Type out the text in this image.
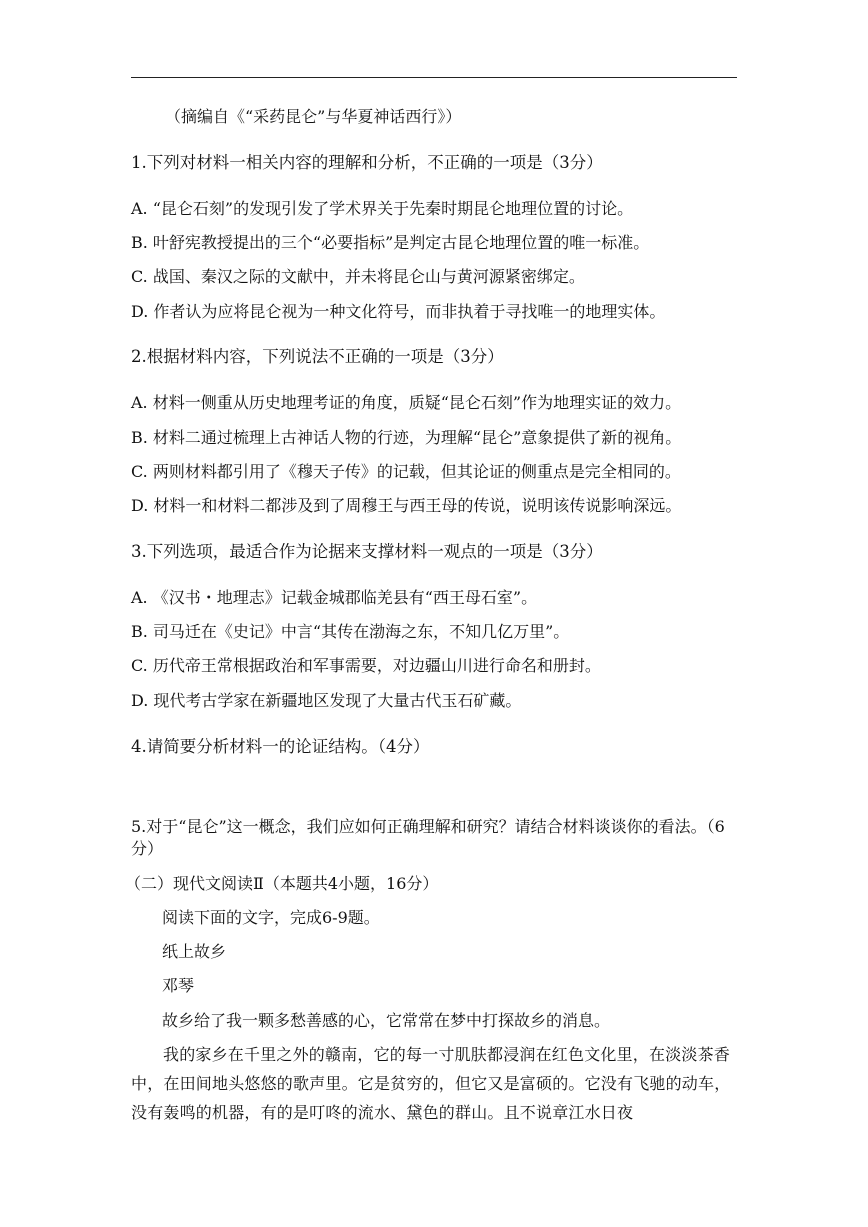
（摘编自《“采药昆仑”与华夏神话西行》）
1.下列对材料一相关内容的理解和分析，不正确的一项是（3分）
A. “昆仑石刻”的发现引发了学术界关于先秦时期昆仑地理位置的讨论。
B. 叶舒宪教授提出的三个“必要指标”是判定古昆仑地理位置的唯一标准。
C. 战国、秦汉之际的文献中，并未将昆仑山与黄河源紧密绑定。
D. 作者认为应将昆仑视为一种文化符号，而非执着于寻找唯一的地理实体。
2.根据材料内容，下列说法不正确的一项是（3分）
A. 材料一侧重从历史地理考证的角度，质疑“昆仑石刻”作为地理实证的效力。
B. 材料二通过梳理上古神话人物的行迹，为理解“昆仑”意象提供了新的视角。
C. 两则材料都引用了《穆天子传》的记载，但其论证的侧重点是完全相同的。
D. 材料一和材料二都涉及到了周穆王与西王母的传说，说明该传说影响深远。
3.下列选项，最适合作为论据来支撑材料一观点的一项是（3分）
A. 《汉书・地理志》记载金城郡临羌县有“西王母石室”。
B. 司马迁在《史记》中言“其传在渤海之东，不知几亿万里”。
C. 历代帝王常根据政治和军事需要，对边疆山川进行命名和册封。
D. 现代考古学家在新疆地区发现了大量古代玉石矿藏。
4.请简要分析材料一的论证结构。（4分）
5.对于“昆仑”这一概念，我们应如何正确理解和研究？请结合材料谈谈你的看法。（6分）
（二）现代文阅读Ⅱ（本题共4小题，16分）
阅读下面的文字，完成6-9题。
纸上故乡
邓琴
故乡给了我一颗多愁善感的心，它常常在梦中打探故乡的消息。
我的家乡在千里之外的赣南，它的每一寸肌肤都浸润在红色文化里，在淡淡茶香中，在田间地头悠悠的歌声里。它是贫穷的，但它又是富硕的。它没有飞驰的动车，没有轰鸣的机器，有的是叮咚的流水、黛色的群山。且不说章江水日夜
